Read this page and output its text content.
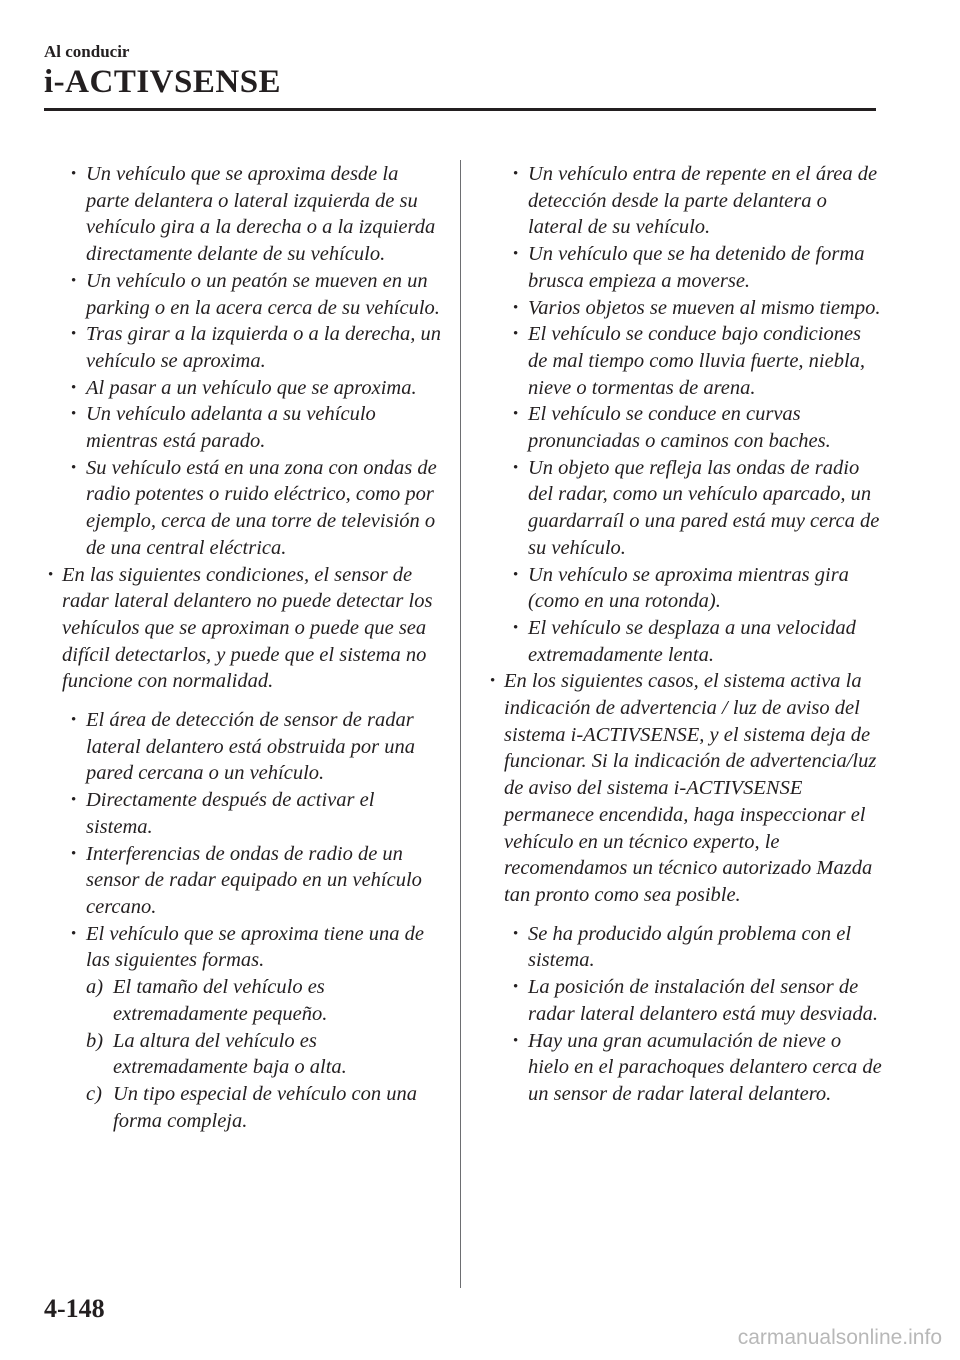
Al conducir
i-ACTIVSENSE
• Un vehículo que se aproxima desde la parte delantera o lateral izquierda de su vehículo gira a la derecha o a la izquierda directamente delante de su vehículo.
• Un vehículo o un peatón se mueven en un parking o en la acera cerca de su vehículo.
• Tras girar a la izquierda o a la derecha, un vehículo se aproxima.
• Al pasar a un vehículo que se aproxima.
• Un vehículo adelanta a su vehículo mientras está parado.
• Su vehículo está en una zona con ondas de radio potentes o ruido eléctrico, como por ejemplo, cerca de una torre de televisión o de una central eléctrica.
• En las siguientes condiciones, el sensor de radar lateral delantero no puede detectar los vehículos que se aproximan o puede que sea difícil detectarlos, y puede que el sistema no funcione con normalidad.
• El área de detección de sensor de radar lateral delantero está obstruida por una pared cercana o un vehículo.
• Directamente después de activar el sistema.
• Interferencias de ondas de radio de un sensor de radar equipado en un vehículo cercano.
• El vehículo que se aproxima tiene una de las siguientes formas.
a) El tamaño del vehículo es extremadamente pequeño.
b) La altura del vehículo es extremadamente baja o alta.
c) Un tipo especial de vehículo con una forma compleja.
• Un vehículo entra de repente en el área de detección desde la parte delantera o lateral de su vehículo.
• Un vehículo que se ha detenido de forma brusca empieza a moverse.
• Varios objetos se mueven al mismo tiempo.
• El vehículo se conduce bajo condiciones de mal tiempo como lluvia fuerte, niebla, nieve o tormentas de arena.
• El vehículo se conduce en curvas pronunciadas o caminos con baches.
• Un objeto que refleja las ondas de radio del radar, como un vehículo aparcado, un guardarraíl o una pared está muy cerca de su vehículo.
• Un vehículo se aproxima mientras gira (como en una rotonda).
• El vehículo se desplaza a una velocidad extremadamente lenta.
• En los siguientes casos, el sistema activa la indicación de advertencia / luz de aviso del sistema i-ACTIVSENSE, y el sistema deja de funcionar. Si la indicación de advertencia/luz de aviso del sistema i-ACTIVSENSE permanece encendida, haga inspeccionar el vehículo en un técnico experto, le recomendamos un técnico autorizado Mazda tan pronto como sea posible.
• Se ha producido algún problema con el sistema.
• La posición de instalación del sensor de radar lateral delantero está muy desviada.
• Hay una gran acumulación de nieve o hielo en el parachoques delantero cerca de un sensor de radar lateral delantero.
4-148
carmanualsonline.info
